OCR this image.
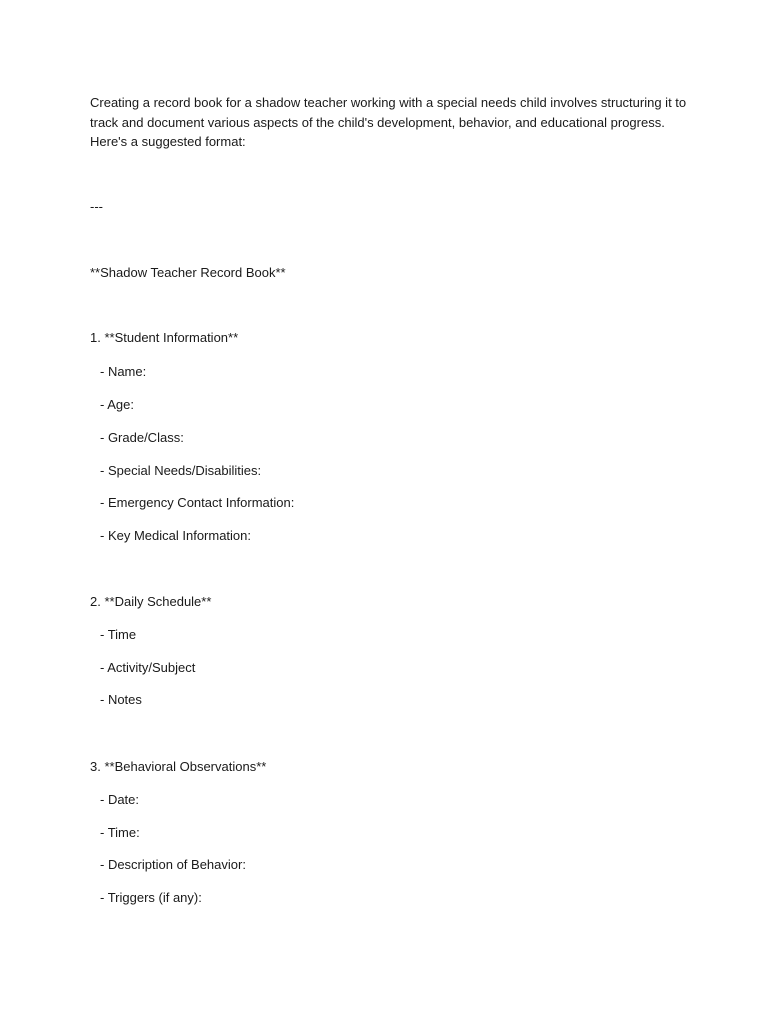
Creating a record book for a shadow teacher working with a special needs child involves structuring it to
track and document various aspects of the child's development, behavior, and educational progress.
Here's a suggested format:

---

**Shadow Teacher Record Book**

1. **Student Information**

- Name:

- Age:

- Grade/Class:

- Special Needs/Disabilities:

- Emergency Contact Information:

- Key Medical Information:

2. **Daily Schedule**

- Time

- Activity/Subject

- Notes

3. **Behavioral Observations**

- Date:

- Time:

- Description of Behavior:

- Triggers (if any):
